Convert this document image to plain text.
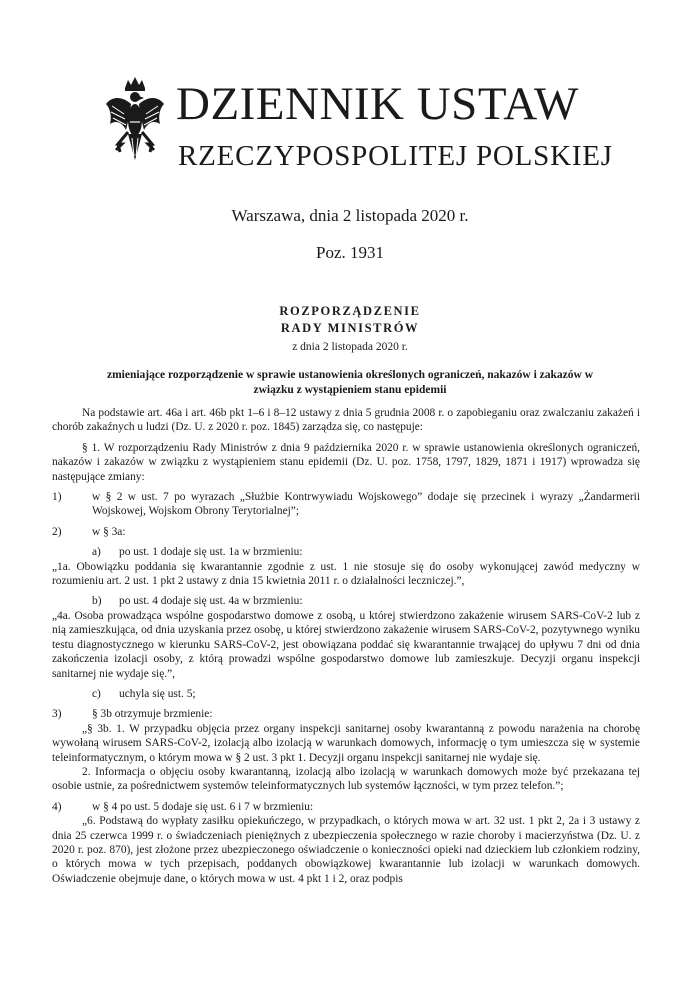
DZIENNIK USTAW
RZECZYPOSPOLITEJ POLSKIEJ
Warszawa, dnia 2 listopada 2020 r.
Poz. 1931
ROZPORZĄDZENIE
RADY MINISTRÓW
z dnia 2 listopada 2020 r.
zmieniające rozporządzenie w sprawie ustanowienia określonych ograniczeń, nakazów i zakazów w związku z wystąpieniem stanu epidemii

Na podstawie art. 46a i art. 46b pkt 1–6 i 8–12 ustawy z dnia 5 grudnia 2008 r. o zapobieganiu oraz zwalczaniu zakażeń i chorób zakaźnych u ludzi (Dz. U. z 2020 r. poz. 1845) zarządza się, co następuje:

§ 1. W rozporządzeniu Rady Ministrów z dnia 9 października 2020 r. w sprawie ustanowienia określonych ograniczeń, nakazów i zakazów w związku z wystąpieniem stanu epidemii (Dz. U. poz. 1758, 1797, 1829, 1871 i 1917) wprowadza się następujące zmiany:

1)	w § 2 w ust. 7 po wyrazach „Służbie Kontrwywiadu Wojskowego” dodaje się przecinek i wyrazy „Żandarmerii Wojskowej, Wojskom Obrony Terytorialnej”;
2)	w § 3a:
a)	po ust. 1 dodaje się ust. 1a w brzmieniu:

„1a. Obowiązku poddania się kwarantannie zgodnie z ust. 1 nie stosuje się do osoby wykonującej zawód medyczny w rozumieniu art. 2 ust. 1 pkt 2 ustawy z dnia 15 kwietnia 2011 r. o działalności leczniczej.”,

b)	po ust. 4 dodaje się ust. 4a w brzmieniu:

„4a. Osoba prowadząca wspólne gospodarstwo domowe z osobą, u której stwierdzono zakażenie wirusem SARS-CoV-2 lub z nią zamieszkująca, od dnia uzyskania przez osobę, u której stwierdzono zakażenie wirusem SARS-CoV-2, pozytywnego wyniku testu diagnostycznego w kierunku SARS-CoV-2, jest obowiązana poddać się kwarantannie trwającej do upływu 7 dni od dnia zakończenia izolacji osoby, z którą prowadzi wspólne gospodarstwo domowe lub zamieszkuje. Decyzji organu inspekcji sanitarnej nie wydaje się.”,

c)	uchyla się ust. 5;
3)	§ 3b otrzymuje brzmienie:

„§ 3b. 1. W przypadku objęcia przez organy inspekcji sanitarnej osoby kwarantanną z powodu narażenia na chorobę wywołaną wirusem SARS-CoV-2, izolacją albo izolacją w warunkach domowych, informację o tym umieszcza się w systemie teleinformatycznym, o którym mowa w § 2 ust. 3 pkt 1. Decyzji organu inspekcji sanitarnej nie wydaje się.

2. Informacja o objęciu osoby kwarantanną, izolacją albo izolacją w warunkach domowych może być przekazana tej osobie ustnie, za pośrednictwem systemów teleinformatycznych lub systemów łączności, w tym przez telefon.”;

4)	w § 4 po ust. 5 dodaje się ust. 6 i 7 w brzmieniu:

„6. Podstawą do wypłaty zasiłku opiekuńczego, w przypadkach, o których mowa w art. 32 ust. 1 pkt 2, 2a i 3 ustawy z dnia 25 czerwca 1999 r. o świadczeniach pieniężnych z ubezpieczenia społecznego w razie choroby i macierzyństwa (Dz. U. z 2020 r. poz. 870), jest złożone przez ubezpieczonego oświadczenie o konieczności opieki nad dzieckiem lub członkiem rodziny, o których mowa w tych przepisach, poddanych obowiązkowej kwarantannie lub izolacji w warunkach domowych. Oświadczenie obejmuje dane, o których mowa w ust. 4 pkt 1 i 2, oraz podpis
